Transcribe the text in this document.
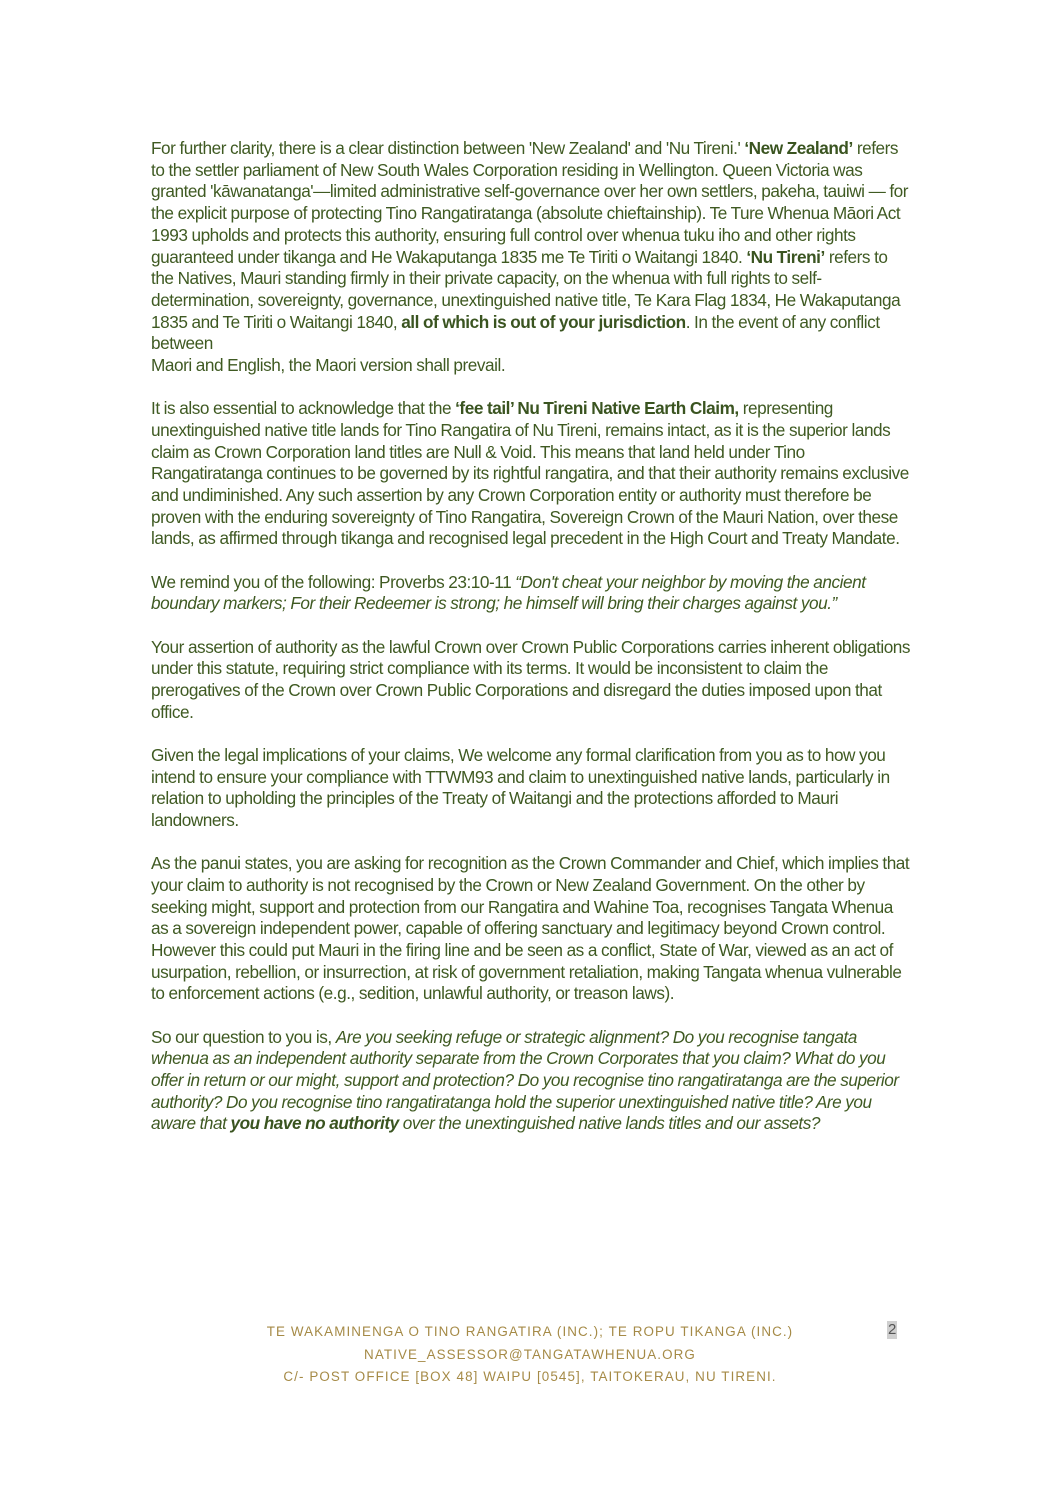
For further clarity, there is a clear distinction between 'New Zealand' and 'Nu Tireni.' ‘New Zealand’ refers to the settler parliament of New South Wales Corporation residing in Wellington. Queen Victoria was granted 'kāwanatanga'—limited administrative self-governance over her own settlers, pakeha, tauiwi — for the explicit purpose of protecting Tino Rangatiratanga (absolute chieftainship). Te Ture Whenua Māori Act 1993 upholds and protects this authority, ensuring full control over whenua tuku iho and other rights guaranteed under tikanga and He Wakaputanga 1835 me Te Tiriti o Waitangi 1840. ‘Nu Tireni’ refers to the Natives, Mauri standing firmly in their private capacity, on the whenua with full rights to self-determination, sovereignty, governance, unextinguished native title, Te Kara Flag 1834, He Wakaputanga 1835 and Te Tiriti o Waitangi 1840, all of which is out of your jurisdiction. In the event of any conflict between
Maori and English, the Maori version shall prevail.

It is also essential to acknowledge that the ‘fee tail’ Nu Tireni Native Earth Claim, representing unextinguished native title lands for Tino Rangatira of Nu Tireni, remains intact, as it is the superior lands claim as Crown Corporation land titles are Null & Void. This means that land held under Tino Rangatiratanga continues to be governed by its rightful rangatira, and that their authority remains exclusive and undiminished. Any such assertion by any Crown Corporation entity or authority must therefore be proven with the enduring sovereignty of Tino Rangatira, Sovereign Crown of the Mauri Nation, over these lands, as affirmed through tikanga and recognised legal precedent in the High Court and Treaty Mandate.

We remind you of the following: Proverbs 23:10-11 “Don't cheat your neighbor by moving the ancient boundary markers; For their Redeemer is strong; he himself will bring their charges against you.”

Your assertion of authority as the lawful Crown over Crown Public Corporations carries inherent obligations under this statute, requiring strict compliance with its terms. It would be inconsistent to claim the prerogatives of the Crown over Crown Public Corporations and disregard the duties imposed upon that office.

Given the legal implications of your claims, We welcome any formal clarification from you as to how you intend to ensure your compliance with TTWM93 and claim to unextinguished native lands, particularly in relation to upholding the principles of the Treaty of Waitangi and the protections afforded to Mauri landowners.

As the panui states, you are asking for recognition as the Crown Commander and Chief, which implies that your claim to authority is not recognised by the Crown or New Zealand Government. On the other by seeking might, support and protection from our Rangatira and Wahine Toa, recognises Tangata Whenua as a sovereign independent power, capable of offering sanctuary and legitimacy beyond Crown control. However this could put Mauri in the firing line and be seen as a conflict, State of War, viewed as an act of usurpation, rebellion, or insurrection, at risk of government retaliation, making Tangata whenua vulnerable to enforcement actions (e.g., sedition, unlawful authority, or treason laws).

So our question to you is, Are you seeking refuge or strategic alignment? Do you recognise tangata whenua as an independent authority separate from the Crown Corporates that you claim? What do you offer in return or our might, support and protection? Do you recognise tino rangatiratanga are the superior authority? Do you recognise tino rangatiratanga hold the superior unextinguished native title? Are you aware that you have no authority over the unextinguished native lands titles and our assets?

TE WAKAMINENGA O TINO RANGATIRA (INC.); TE ROPU TIKANGA (INC.)
NATIVE_ASSESSOR@TANGATAWHENUA.ORG
C/- POST OFFICE [BOX 48] WAIPU [0545], TAITOKERAU, NU TIRENI.
2
